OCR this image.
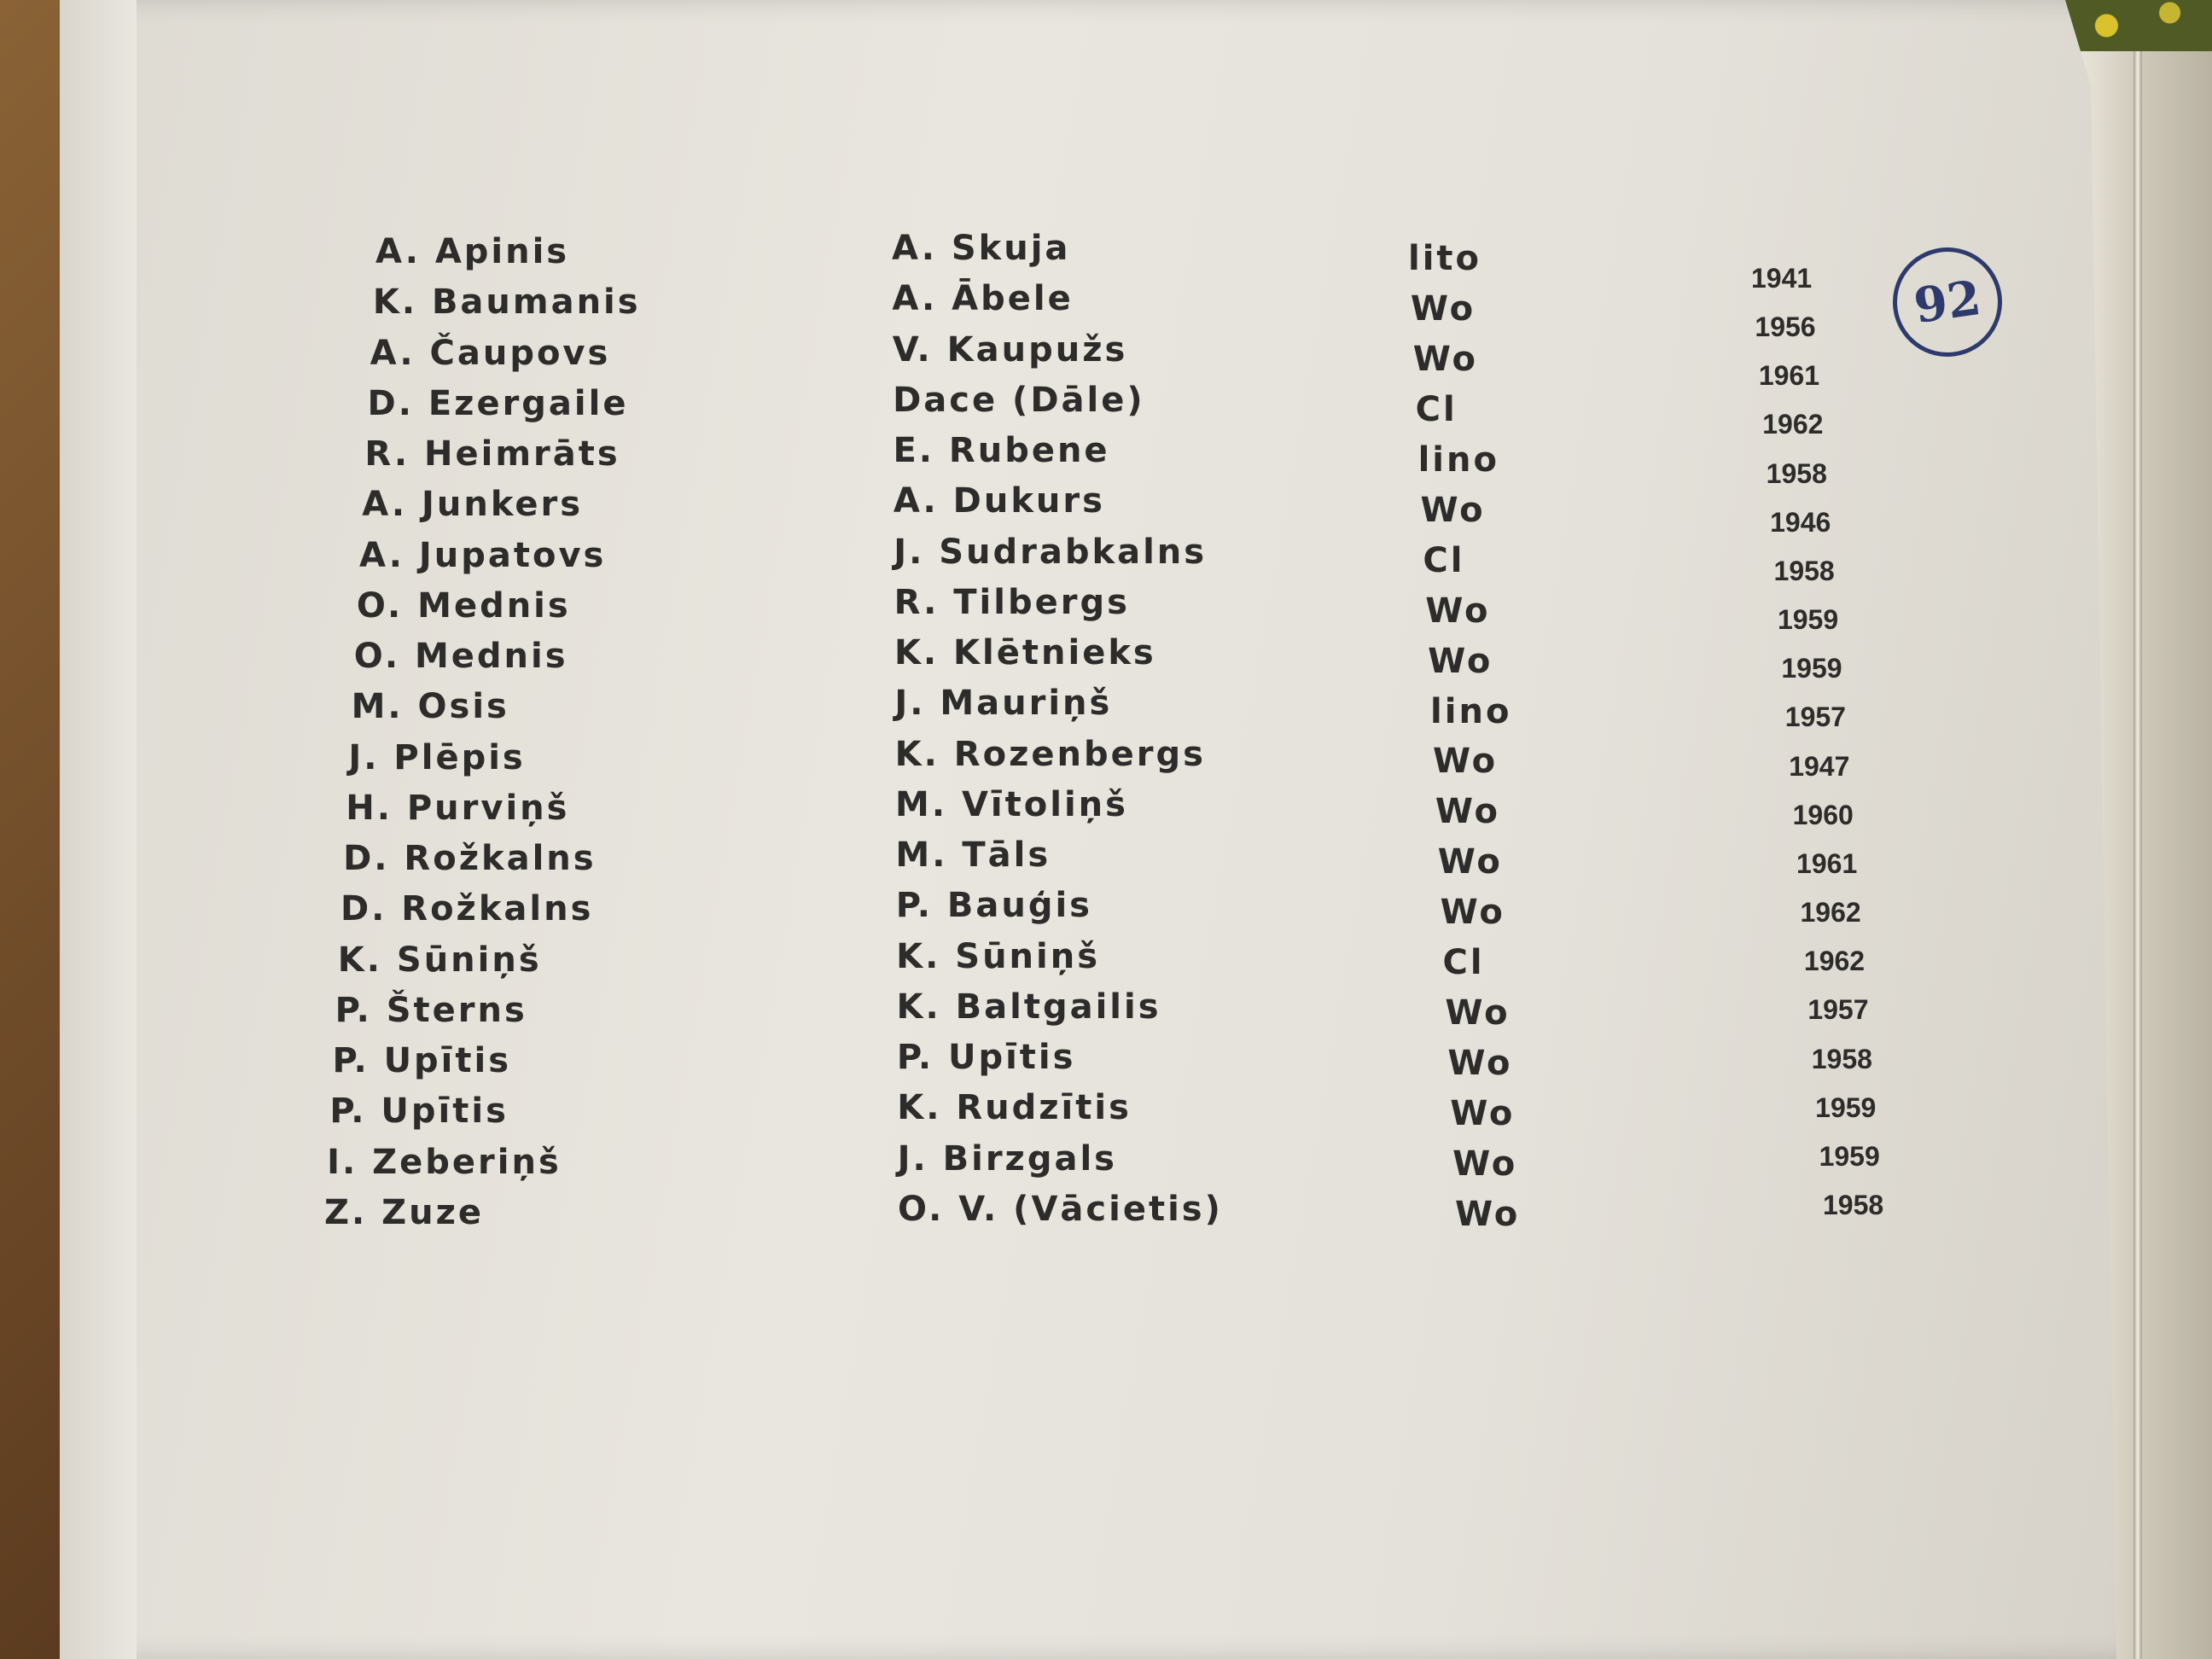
92
A. Apinis	A. Skuja	lito	1941
K. Baumanis	A. Ābele	Wo	1956
A. Čaupovs	V. Kaupužs	Wo	1961
D. Ezergaile	Dace (Dāle)	Cl	1962
R. Heimrāts	E. Rubene	lino	1958
A. Junkers	A. Dukurs	Wo	1946
A. Jupatovs	J. Sudrabkalns	Cl	1958
O. Mednis	R. Tilbergs	Wo	1959
O. Mednis	K. Klētnieks	Wo	1959
M. Osis	J. Mauriņš	lino	1957
J. Plēpis	K. Rozenbergs	Wo	1947
H. Purviņš	M. Vītoliņš	Wo	1960
D. Rožkalns	M. Tāls	Wo	1961
D. Rožkalns	P. Bauģis	Wo	1962
K. Sūniņš	K. Sūniņš	Cl	1962
P. Šterns	K. Baltgailis	Wo	1957
P. Upītis	P. Upītis	Wo	1958
P. Upītis	K. Rudzītis	Wo	1959
I. Zeberiņš	J. Birzgals	Wo	1959
Z. Zuze	O. V. (Vācietis)	Wo	1958
